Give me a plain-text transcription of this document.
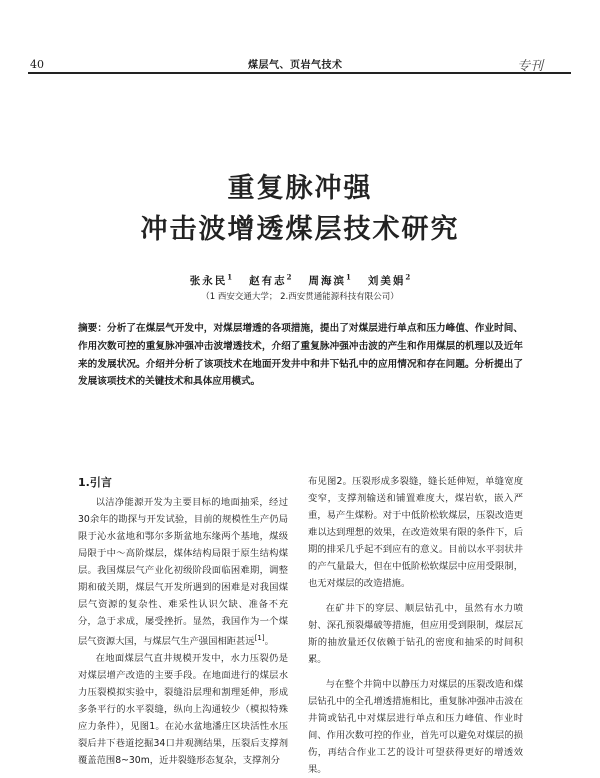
40	煤层气、页岩气技术	专刊
重复脉冲强
冲击波增透煤层技术研究
张永民$^1$ 赵有志$^2$ 周海滨$^1$ 刘美娟$^2$
（1 西安交通大学； 2.西安贯通能源科技有限公司）
摘要：分析了在煤层气开发中，对煤层增透的各项措施，提出了对煤层进行单点和压力峰值、作业时间、作用次数可控的重复脉冲强冲击波增透技术，介绍了重复脉冲强冲击波的产生和作用煤层的机理以及近年来的发展状况。介绍并分析了该项技术在地面开发井中和井下钻孔中的应用情况和存在问题。分析提出了发展该项技术的关键技术和具体应用模式。
1.引言

以洁净能源开发为主要目标的地面抽采，经过30余年的勘探与开发试验，目前的规模性生产仍局限于沁水盆地和鄂尔多斯盆地东缘两个基地，煤级局限于中～高阶煤层，煤体结构局限于原生结构煤层。我国煤层气产业化初级阶段面临困难期，调整期和破关期，煤层气开发所遇到的困难是对我国煤层气资源的复杂性、难采性认识欠缺、准备不充分，急于求成，屡受挫折。显然，我国作为一个煤层气资源大国，与煤层气生产强国相距甚远[1]。

在地面煤层气直井规模开发中，水力压裂仍是对煤层增产改造的主要手段。在地面进行的煤层水力压裂模拟实验中，裂缝沿层理和割理延伸，形成多条平行的水平裂缝，纵向上沟通较少（模拟特殊应力条件），见图1。在沁水盆地潘庄区块活性水压裂后井下巷道挖掘34口井观测结果，压裂后支撑剂覆盖范围8~30m，近井裂缝形态复杂，支撑剂分

布见图2。压裂形成多裂缝，缝长延伸短，单缝宽度变窄，支撑剂输送和铺置难度大，煤岩软，嵌入严重，易产生煤粉。对于中低阶松软煤层，压裂改造更难以达到理想的效果，在改造效果有限的条件下，后期的排采几乎起不到应有的意义。目前以水平羽状井的产气量最大，但在中低阶松软煤层中应用受限制，也无对煤层的改造措施。

在矿井下的穿层、顺层钻孔中，虽然有水力喷射、深孔预裂爆破等措施，但应用受到限制，煤层瓦斯的抽放量还仅依赖于钻孔的密度和抽采的时间积累。

与在整个井筒中以静压力对煤层的压裂改造和煤层钻孔中的全孔增透措施相比，重复脉冲强冲击波在井筒或钻孔中对煤层进行单点和压力峰值、作业时间、作用次数可控的作业，首先可以避免对煤层的损伤，再结合作业工艺的设计可望获得更好的增透效果。
